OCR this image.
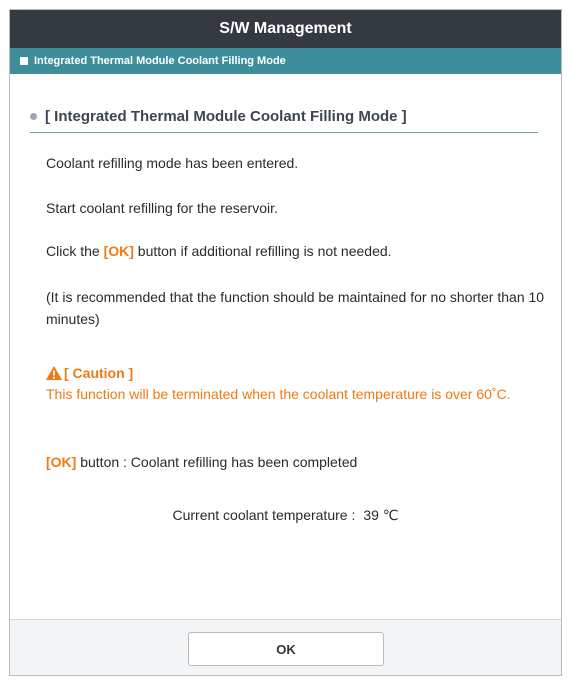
S/W Management
Integrated Thermal Module Coolant Filling Mode
[ Integrated Thermal Module Coolant Filling Mode ]
Coolant refilling mode has been entered.
Start coolant refilling for the reservoir.
Click the [OK] button if additional refilling is not needed.
(It is recommended that the function should be maintained for no shorter than 10 minutes)
[ Caution ]
This function will be terminated when the coolant temperature is over 60˚C.
[OK] button : Coolant refilling has been completed
Current coolant temperature : 39 ℃
OK
